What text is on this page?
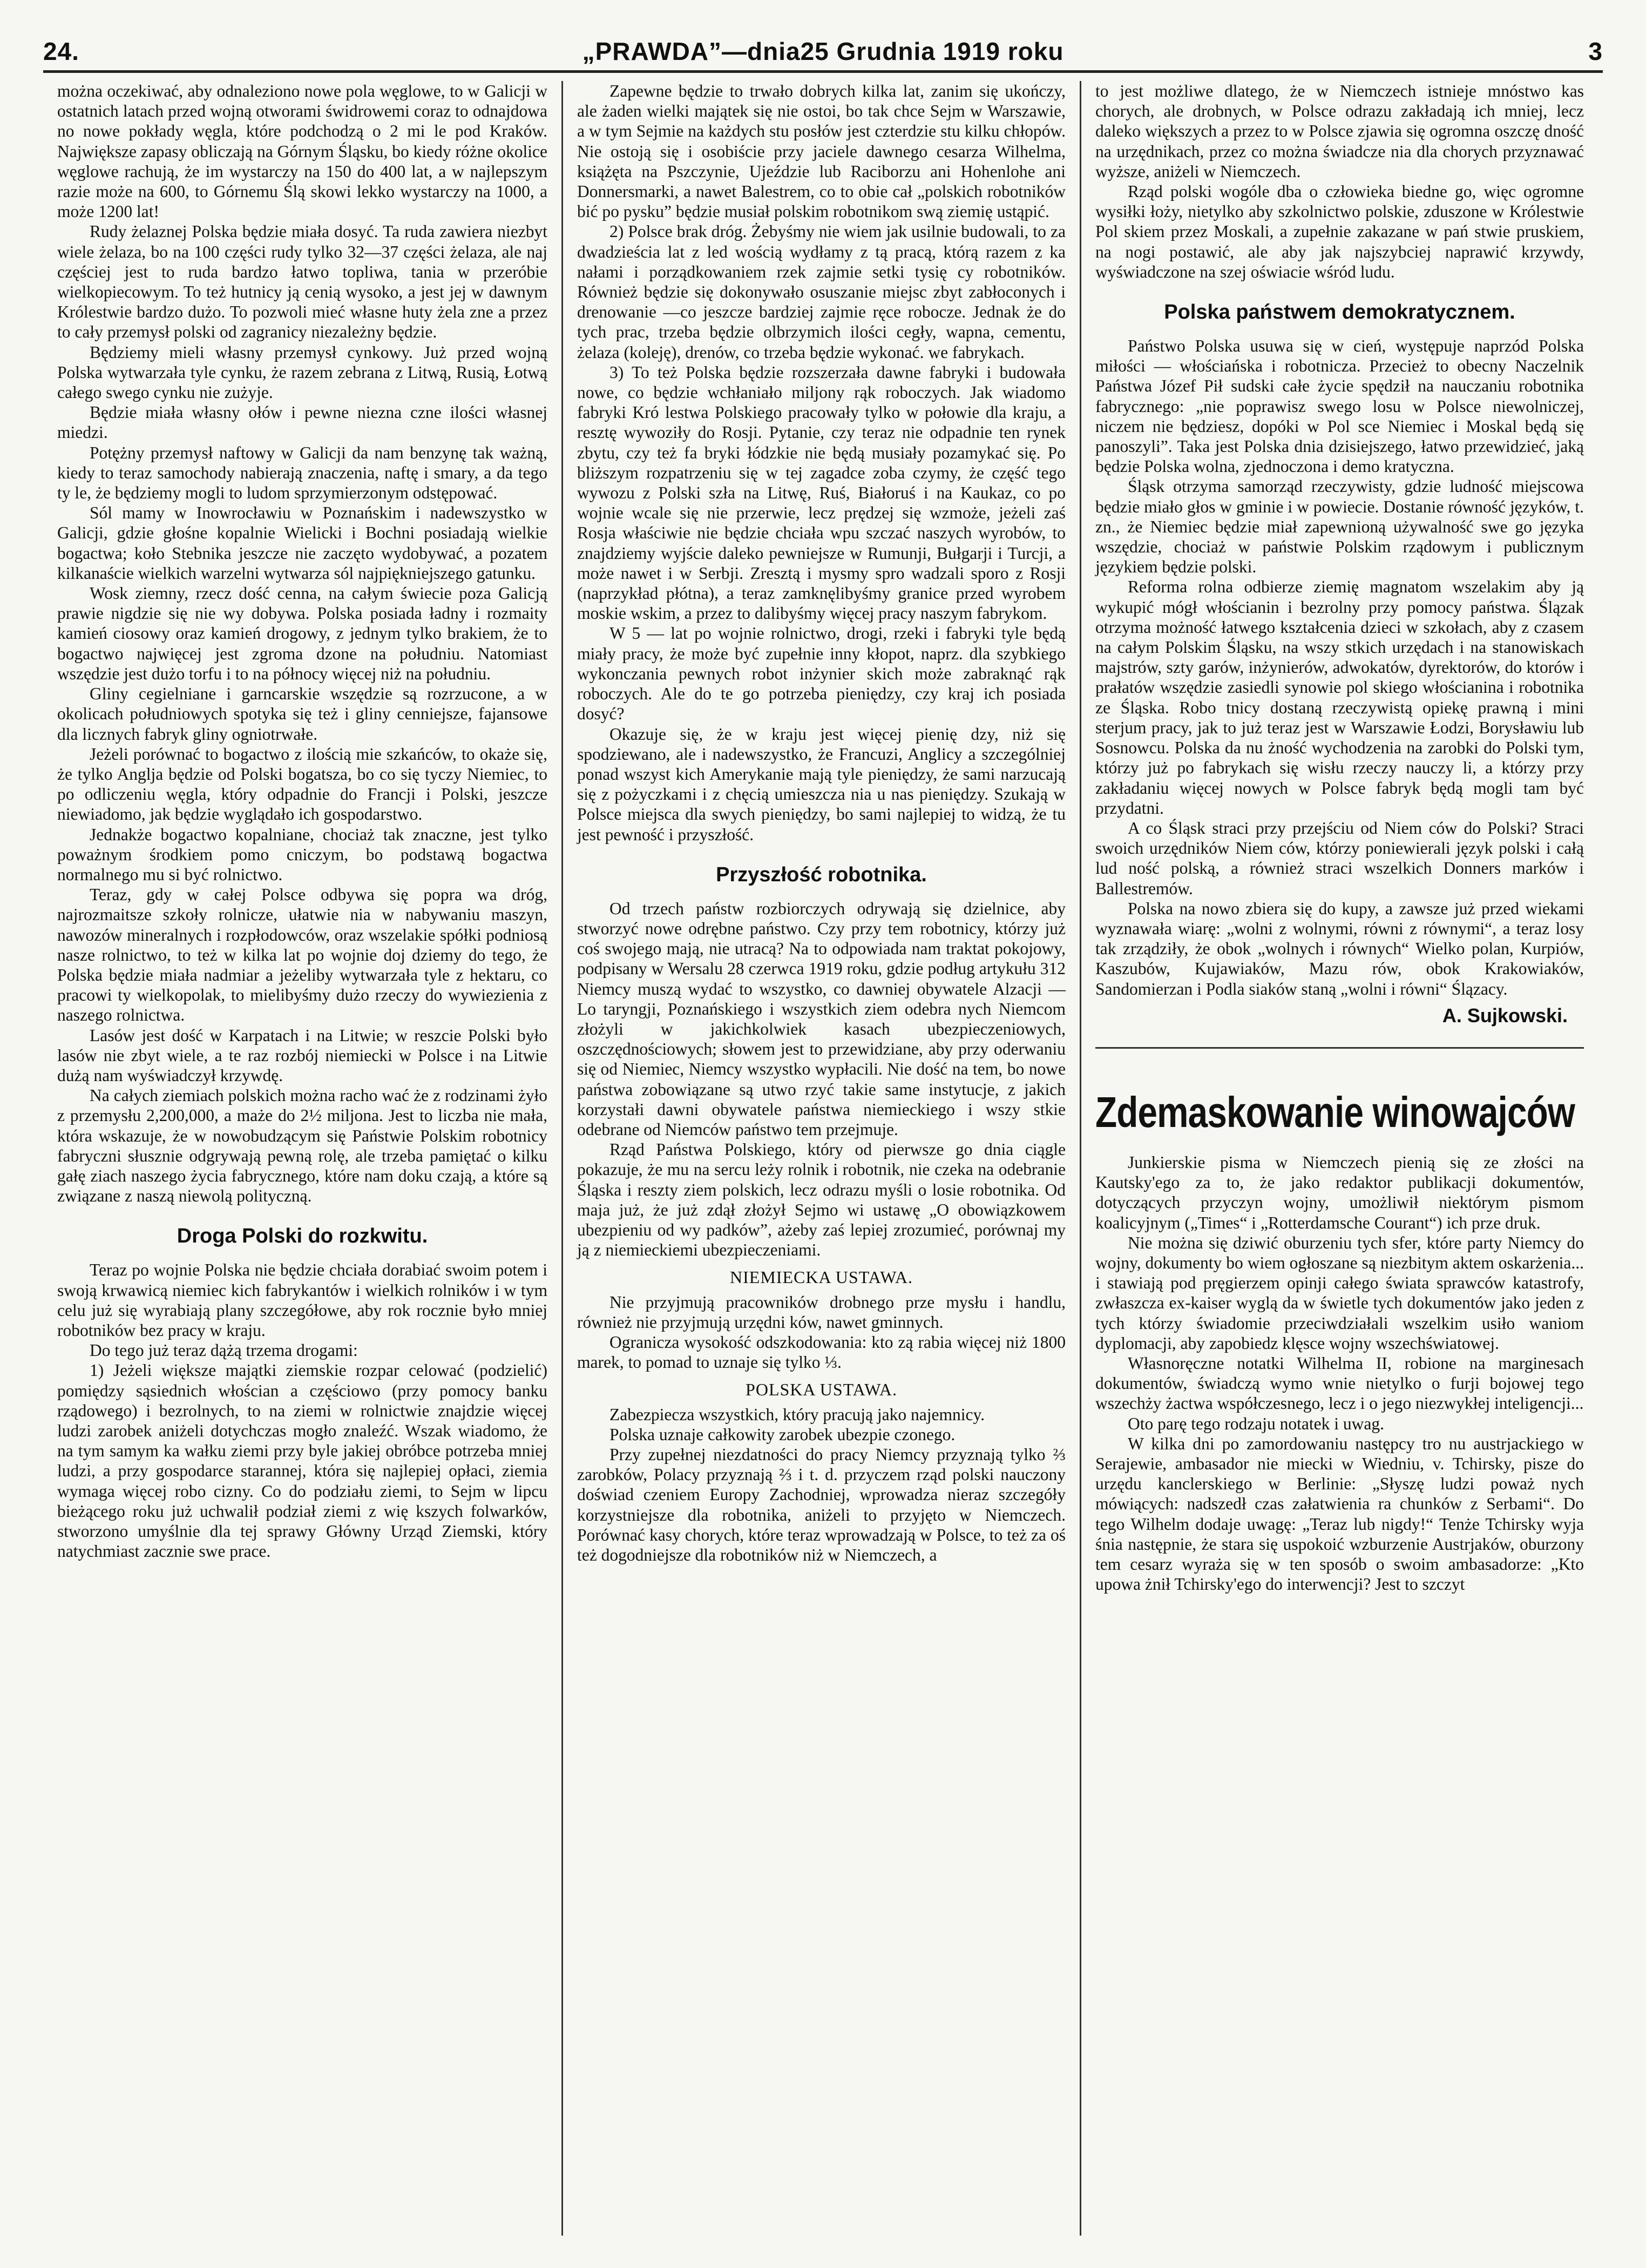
24.	„PRAWDA”—dnia25 Grudnia 1919 roku	3

można oczekiwać, aby odnaleziono nowe pola węglowe, to w Galicji w ostatnich latach przed wojną otworami świdrowemi coraz to odnajdowa no nowe pokłady węgla, które podchodzą o 2 mi le pod Kraków. Największe zapasy obliczają na Górnym Śląsku, bo kiedy różne okolice węglowe rachują, że im wystarczy na 150 do 400 lat, a w najlepszym razie może na 600, to Górnemu Ślą skowi lekko wystarczy na 1000, a może 1200 lat!

Rudy żelaznej Polska będzie miała dosyć. Ta ruda zawiera niezbyt wiele żelaza, bo na 100 części rudy tylko 32—37 części żelaza, ale naj częściej jest to ruda bardzo łatwo topliwa, tania w przeróbie wielkopiecowym. To też hutnicy ją cenią wysoko, a jest jej w dawnym Królestwie bardzo dużo. To pozwoli mieć własne huty żela zne a przez to cały przemysł polski od zagranicy niezależny będzie.

Będziemy mieli własny przemysł cynkowy. Już przed wojną Polska wytwarzała tyle cynku, że razem zebrana z Litwą, Rusią, Łotwą całego swego cynku nie zużyje.

Będzie miała własny ołów i pewne niezna czne ilości własnej miedzi.

Potężny przemysł naftowy w Galicji da nam benzynę tak ważną, kiedy to teraz samochody nabierają znaczenia, naftę i smary, a da tego ty le, że będziemy mogli to ludom sprzymierzonym odstępować.

Sól mamy w Inowrocławiu w Poznańskim i nadewszystko w Galicji, gdzie głośne kopalnie Wielicki i Bochni posiadają wielkie bogactwa; koło Stebnika jeszcze nie zaczęto wydobywać, a pozatem kilkanaście wielkich warzelni wytwarza sól najpiękniejszego gatunku.

Wosk ziemny, rzecz dość cenna, na całym świecie poza Galicją prawie nigdzie się nie wy dobywa. Polska posiada ładny i rozmaity kamień ciosowy oraz kamień drogowy, z jednym tylko brakiem, że to bogactwo najwięcej jest zgroma dzone na południu. Natomiast wszędzie jest dużo torfu i to na północy więcej niż na południu.

Gliny cegielniane i garncarskie wszędzie są rozrzucone, a w okolicach południowych spotyka się też i gliny cenniejsze, fajansowe dla licznych fabryk gliny ogniotrwałe.

Jeżeli porównać to bogactwo z ilością mie szkańców, to okaże się, że tylko Anglja będzie od Polski bogatsza, bo co się tyczy Niemiec, to po odliczeniu węgla, który odpadnie do Francji i Polski, jeszcze niewiadomo, jak będzie wyglądało ich gospodarstwo.

Jednakże bogactwo kopalniane, chociaż tak znaczne, jest tylko poważnym środkiem pomo cniczym, bo podstawą bogactwa normalnego mu si być rolnictwo.

Teraz, gdy w całej Polsce odbywa się popra wa dróg, najrozmaitsze szkoły rolnicze, ułatwie nia w nabywaniu maszyn, nawozów mineralnych i rozpłodowców, oraz wszelakie spółki podniosą nasze rolnictwo, to też w kilka lat po wojnie doj dziemy do tego, że Polska będzie miała nadmiar a jeżeliby wytwarzała tyle z hektaru, co pracowi ty wielkopolak, to mielibyśmy dużo rzeczy do wywiezienia z naszego rolnictwa.

Lasów jest dość w Karpatach i na Litwie; w reszcie Polski było lasów nie zbyt wiele, a te raz rozbój niemiecki w Polsce i na Litwie dużą nam wyświadczył krzywdę.

Na całych ziemiach polskich można racho wać że z rodzinami żyło z przemysłu 2,200,000, a maże do 2½ miljona. Jest to liczba nie mała, która wskazuje, że w nowobudzącym się Państwie Polskim robotnicy fabryczni słusznie odgrywają pewną rolę, ale trzeba pamiętać o kilku gałę ziach naszego życia fabrycznego, które nam doku czają, a które są związane z naszą niewolą polityczną.

Droga Polski do rozkwitu.

Teraz po wojnie Polska nie będzie chciała dorabiać swoim potem i swoją krwawicą niemiec kich fabrykantów i wielkich rolników i w tym celu już się wyrabiają plany szczegółowe, aby rok rocznie było mniej robotników bez pracy w kraju.

Do tego już teraz dążą trzema drogami:

1) Jeżeli większe majątki ziemskie rozpar celować (podzielić) pomiędzy sąsiednich włościan a częściowo (przy pomocy banku rządowego) i bezrolnych, to na ziemi w rolnictwie znajdzie więcej ludzi zarobek aniżeli dotychczas mogło znaleźć. Wszak wiadomo, że na tym samym ka wałku ziemi przy byle jakiej obróbce potrzeba mniej ludzi, a przy gospodarce starannej, która się najlepiej opłaci, ziemia wymaga więcej robo cizny. Co do podziału ziemi, to Sejm w lipcu bieżącego roku już uchwalił podział ziemi z wię kszych folwarków, stworzono umyślnie dla tej sprawy Główny Urząd Ziemski, który natychmiast zacznie swe prace.

Zapewne będzie to trwało dobrych kilka lat, zanim się ukończy, ale żaden wielki majątek się nie ostoi, bo tak chce Sejm w Warszawie, a w tym Sejmie na każdych stu posłów jest czterdzie stu kilku chłopów. Nie ostoją się i osobiście przy jaciele dawnego cesarza Wilhelma, książęta na Pszczynie, Ujeździe lub Raciborzu ani Hohenlohe ani Donnersmarki, a nawet Balestrem, co to obie cał „polskich robotników bić po pysku” będzie musiał polskim robotnikom swą ziemię ustąpić.

2) Polsce brak dróg. Żebyśmy nie wiem jak usilnie budowali, to za dwadzieścia lat z led wością wydłamy z tą pracą, którą razem z ka nałami i porządkowaniem rzek zajmie setki tysię cy robotników. Również będzie się dokonywało osuszanie miejsc zbyt zabłoconych i drenowanie —co jeszcze bardziej zajmie ręce robocze. Jednak że do tych prac, trzeba będzie olbrzymich ilości cegły, wapna, cementu, żelaza (koleję), drenów, co trzeba będzie wykonać. we fabrykach.

3) To też Polska będzie rozszerzała dawne fabryki i budowała nowe, co będzie wchłaniało miljony rąk roboczych. Jak wiadomo fabryki Kró lestwa Polskiego pracowały tylko w połowie dla kraju, a resztę wywoziły do Rosji. Pytanie, czy teraz nie odpadnie ten rynek zbytu, czy też fa bryki łódzkie nie będą musiały pozamykać się. Po bliższym rozpatrzeniu się w tej zagadce zoba czymy, że część tego wywozu z Polski szła na Litwę, Ruś, Białoruś i na Kaukaz, co po wojnie wcale się nie przerwie, lecz prędzej się wzmoże, jeżeli zaś Rosja właściwie nie będzie chciała wpu szczać naszych wyrobów, to znajdziemy wyjście daleko pewniejsze w Rumunji, Bułgarji i Turcji, a może nawet i w Serbji. Zresztą i mysmy spro wadzali sporo z Rosji (naprzykład płótna), a teraz zamknęlibyśmy granice przed wyrobem moskie wskim, a przez to dalibyśmy więcej pracy naszym fabrykom.

W 5 — lat po wojnie rolnictwo, drogi, rzeki i fabryki tyle będą miały pracy, że może być zupełnie inny kłopot, naprz. dla szybkiego wykonczania pewnych robot inżynier skich może zabraknąć rąk roboczych. Ale do te go potrzeba pieniędzy, czy kraj ich posiada dosyć?

Okazuje się, że w kraju jest więcej pienię dzy, niż się spodziewano, ale i nadewszystko, że Francuzi, Anglicy a szczególniej ponad wszyst kich Amerykanie mają tyle pieniędzy, że sami narzucają się z pożyczkami i z chęcią umieszcza nia u nas pieniędzy. Szukają w Polsce miejsca dla swych pieniędzy, bo sami najlepiej to widzą, że tu jest pewność i przyszłość.

Przyszłość robotnika.

Od trzech państw rozbiorczych odrywają się dzielnice, aby stworzyć nowe odrębne państwo. Czy przy tem robotnicy, którzy już coś swojego mają, nie utracą? Na to odpowiada nam traktat pokojowy, podpisany w Wersalu 28 czerwca 1919 roku, gdzie podług artykułu 312 Niemcy muszą wydać to wszystko, co dawniej obywatele Alzacji — Lo taryngji, Poznańskiego i wszystkich ziem odebra nych Niemcom złożyli w jakichkolwiek kasach ubezpieczeniowych, oszczędnościowych; słowem jest to przewidziane, aby przy oderwaniu się od Niemiec, Niemcy wszystko wypłacili. Nie dość na tem, bo nowe państwa zobowiązane są utwo rzyć takie same instytucje, z jakich korzystałi dawni obywatele państwa niemieckiego i wszy stkie odebrane od Niemców państwo tem przejmuje.

Rząd Państwa Polskiego, który od pierwsze go dnia ciągle pokazuje, że mu na sercu leży rolnik i robotnik, nie czeka na odebranie Śląska i reszty ziem polskich, lecz odrazu myśli o losie robotnika. Od maja już, że już zdął złożył Sejmo wi ustawę „O obowiązkowem ubezpieniu od wy padków”, ażeby zaś lepiej zrozumieć, porównaj my ją z niemieckiemi ubezpieczeniami.

NIEMIECKA USTAWA.

Nie przyjmują pracowników drobnego prze mysłu i handlu, również nie przyjmują urzędni ków, nawet gminnych.

Ogranicza wysokość odszkodowania: kto zą rabia więcej niż 1800 marek, to pomad to uznaje się tylko ⅓.

POLSKA USTAWA.

Zabezpiecza wszystkich, który pracują jako najemnicy.

Polska uznaje całkowity zarobek ubezpie czonego.

Przy zupełnej niezdatności do pracy Niemcy przyznają tylko ⅔ zarobków, Polacy przyznają ⅔ i t. d. przyczem rząd polski nauczony doświad czeniem Europy Zachodniej, wprowadza nieraz szczegóły korzystniejsze dla robotnika, aniżeli to przyjęto w Niemczech. Porównać kasy chorych, które teraz wprowadzają w Polsce, to też za oś też dogodniejsze dla robotników niż w Niemczech, a

to jest możliwe dlatego, że w Niemczech istnieje mnóstwo kas chorych, ale drobnych, w Polsce odrazu zakładają ich mniej, lecz daleko większych a przez to w Polsce zjawia się ogromna oszczę dność na urzędnikach, przez co można świadcze nia dla chorych przyznawać wyższe, aniżeli w Niemczech.

Rząd polski wogóle dba o człowieka biedne go, więc ogromne wysiłki łoży, nietylko aby szkolnictwo polskie, zduszone w Królestwie Pol skiem przez Moskali, a zupełnie zakazane w pań stwie pruskiem, na nogi postawić, ale aby jak najszybciej naprawić krzywdy, wyświadczone na szej oświacie wśród ludu.

Polska państwem demokratycznem.

Państwo Polska usuwa się w cień, występuje naprzód Polska miłości — włościańska i robotnicza. Przecież to obecny Naczelnik Państwa Józef Pił sudski całe życie spędził na nauczaniu robotnika fabrycznego: „nie poprawisz swego losu w Polsce niewolniczej, niczem nie będziesz, dopóki w Pol sce Niemiec i Moskal będą się panoszyli”. Taka jest Polska dnia dzisiejszego, łatwo przewidzieć, jaką będzie Polska wolna, zjednoczona i demo kratyczna.

Śląsk otrzyma samorząd rzeczywisty, gdzie ludność miejscowa będzie miało głos w gminie i w powiecie. Dostanie równość języków, t. zn., że Niemiec będzie miał zapewnioną używalność swe go języka wszędzie, chociaż w państwie Polskim rządowym i publicznym językiem będzie polski.

Reforma rolna odbierze ziemię magnatom wszelakim aby ją wykupić mógł włościanin i bezrolny przy pomocy państwa. Ślązak otrzyma możność łatwego kształcenia dzieci w szkołach, aby z czasem na całym Polskim Śląsku, na wszy stkich urzędach i na stanowiskach majstrów, szty garów, inżynierów, adwokatów, dyrektorów, do ktorów i prałatów wszędzie zasiedli synowie pol skiego włościanina i robotnika ze Śląska. Robo tnicy dostaną rzeczywistą opiekę prawną i mini sterjum pracy, jak to już teraz jest w Warszawie Łodzi, Borysławiu lub Sosnowcu. Polska da nu żność wychodzenia na zarobki do Polski tym, którzy już po fabrykach się wisłu rzeczy nauczy li, a którzy przy zakładaniu więcej nowych w Polsce fabryk będą mogli tam być przydatni.

A co Śląsk straci przy przejściu od Niem ców do Polski? Straci swoich urzędników Niem ców, którzy poniewierali język polski i całą lud ność polską, a również straci wszelkich Donners marków i Ballestremów.

Polska na nowo zbiera się do kupy, a zawsze już przed wiekami wyznawała wiarę: „wolni z wolnymi, równi z równymi“, a teraz losy tak zrządziły, że obok „wolnych i równych“ Wielko polan, Kurpiów, Kaszubów, Kujawiaków, Mazu rów, obok Krakowiaków, Sandomierzan i Podla siaków staną „wolni i równi“ Ślązacy.

A. Sujkowski.
Zdemaskowanie winowajców

Junkierskie pisma w Niemczech pienią się ze złości na Kautsky'ego za to, że jako redaktor publikacji dokumentów, dotyczących przyczyn wojny, umożliwił niektórym pismom koalicyjnym („Times“ i „Rotterdamsche Courant“) ich prze druk.

Nie można się dziwić oburzeniu tych sfer, które party Niemcy do wojny, dokumenty bo wiem ogłoszane są niezbitym aktem oskarżenia... i stawiają pod pręgierzem opinji całego świata sprawców katastrofy, zwłaszcza ex-kaiser wyglą da w świetle tych dokumentów jako jeden z tych którzy świadomie przeciwdziałali wszelkim usiło waniom dyplomacji, aby zapobiedz klęsce wojny wszechświatowej.

Własnoręczne notatki Wilhelma II, robione na marginesach dokumentów, świadczą wymo wnie nietylko o furji bojowej tego wszechży żactwa współczesnego, lecz i o jego niezwykłej inteligencji...

Oto parę tego rodzaju notatek i uwag.

W kilka dni po zamordowaniu następcy tro nu austrjackiego w Serajewie, ambasador nie miecki w Wiedniu, v. Tchirsky, pisze do urzędu kanclerskiego w Berlinie: „Słyszę ludzi poważ nych mówiących: nadszedł czas załatwienia ra chunków z Serbami“. Do tego Wilhelm dodaje uwagę: „Teraz lub nigdy!“ Tenże Tchirsky wyja śnia następnie, że stara się uspokoić wzburzenie Austrjaków, oburzony tem cesarz wyraża się w ten sposób o swoim ambasadorze: „Kto upowa żnił Tchirsky'ego do interwencji? Jest to szczyt
